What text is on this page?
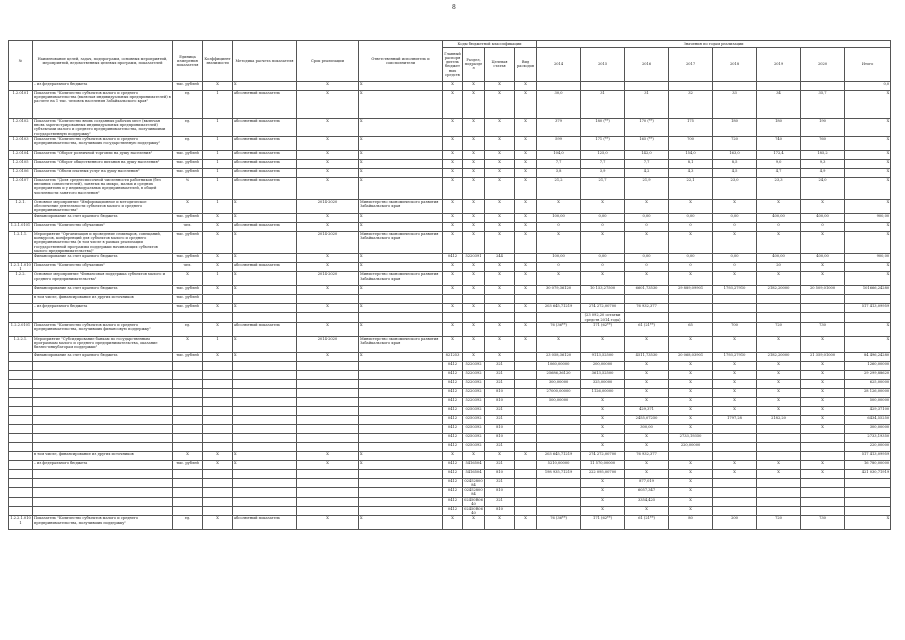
8
№	Наименование целей, задач, подпрограмм, основных мероприятий, мероприятий, ведомственных целевых программ, показателей	Единица измерения показателя	Коэффициент значимости	Методика расчета показателя	Срок реализации	Ответственный исполнитель и соисполнители	Коды бюджетной классификации				Значения по годам реализации							
							Главный распорядитель бюджетных средств	Раздел, подраздел	Целевая статья	Вид расходов	2014	2015	2016	2017	2018	2019	2020	Итого
	– из федерального бюджета	тыс. рублей	X	X	X	X	X	X	X	X								0,0
1.2.0101	Показатель "Количество субъектов малого и среднего предпринимательства (включая индивидуальных предпринимателей) в расчете на 1 тыс. человек населения Забайкальского края"	ед.	1	абсолютный показатель	X	X	X	X	X	X	30,0	31	31	32	33	34	35,7	X
1.2.0102	Показатель "Количество вновь созданных рабочих мест (включая вновь зарегистрированных индивидуальных предпринимателей) субъектами малого и среднего предпринимательства, получившими государственную поддержку"	ед.	1	абсолютный показатель	X	X	X	X	X	X	379	180 (**)	170 (**)	175	180	180	190	X
1.2.0103	Показатель "Количество субъектов малого и среднего предпринимательства, получивших государственную поддержку"	ед.	1	абсолютный показатель	X	X	X	X	X	X	599	171 (**)	165 (**)	700	720	740	760	X
1.2.0104	Показатель "Оборот розничной торговли на душу населения"	тыс. рублей	1	абсолютный показатель	X	X	X	X	X	X	104,0	125,0	142,0	154,0	163,0	172,4	185,2	X
1.2.0105	Показатель "Оборот общественного питания на душу населения"	тыс. рублей	1	абсолютный показатель	X	X	X	X	X	X	7,7	7,7	7,7	8,1	8,5	9,0	9,3	X
1.2.0106	Показатель "Объем платных услуг на душу населения"	тыс. рублей	1	абсолютный показатель	X	X	X	X	X	X	3,8	3,9	4,2	4,3	4,5	4,7	4,9	X
1.2.0107	Показатель "Доля среднесписочной численности работников (без внешних совместителей), занятых на микро, малых и средних предприятиях и у индивидуальных предпринимателей, в общей численности занятого населения"	%	1	абсолютный показатель	X	X	X	X	X	X	21,2	21,7	21,9	22,1	23,0	23,3	24,0	X
1.2.1.	Основное мероприятие "Информационное и методическое обеспечение деятельности субъектов малого и среднего предпринимательства"	X	1	X	2014-2020	Министерство экономического развития Забайкальского края	X	X	X	X	X	X	X	X	X	X	X	X
	Финансирование за счет краевого бюджета	тыс. рублей	X	X	X	X	X	X	X	X	100,00	0,00	0,00	0,00	0,00	400,00	400,00	900,00
1.2.1.0101	Показатель "Количество обучаемых"	чел.	X	абсолютный показатель	X	X	X	X	X	X	0	0	0	0	0	0	0	X
1.2.1.1.	Мероприятие "Организация и проведение семинаров, совещаний, конкурсов, конференций для субъектов малого и среднего предпринимательства (в том числе в рамках реализации государственной программы поддержки начинающих субъектов малого предпринимательства)"	тыс. рублей	X	X	2014-2020	Министерство экономического развития Забайкальского края	X	X	X	X	X	X	X	X	X	X	X	X
	Финансирование за счет краевого бюджета	тыс. рублей	X	X	X	X	0412	5220391	244		100,00	0,00	0,00	0,00	0,00	400,00	400,00	900,00
1.2.1.1.0101	Показатель "Количество обучаемых"	чел.	X	абсолютный показатель	X	X	X	X	X	X	0	0	0	0	0	20	X	X
1.2.2.	Основное мероприятие "Финансовая поддержка субъектов малого и среднего предпринимательства"	X	1	X	2014-2020	Министерство экономического развития Забайкальского края	X	X	X	X	X	X	X	X	X	X	X	X
	Финансирование за счет краевого бюджета	тыс. рублей	X	X	X	X	X	X	X	X	30 079,36120	10 153,27500	6601,73530	29 889,09901	1793,27910	2182,20000	20 509,01000	101666,24280
	в том числе, финансирование из других источников	тыс. рублей																
	– из федерального бюджета	тыс. рублей	X	X	X	X	X	X	X	X	203 645,71219	274 272,00700	76 932,377					517 413,09959
												(23 092,20 остатки средств 2014 года)						
1.2.2.0101	Показатель "Количество субъектов малого и среднего предпринимательства, получивших финансовую поддержку"	ед.	X	абсолютный показатель	X	X	X	X	X	X	76 (36**)	171 (62**)	61 (21**)	65	700	720	730	X
1.2.2.1.	Мероприятие "Субсидирование банкам по государственным программам малого и среднего предпринимательства, оказание бизнес-инкубаторам поддержки"	X	1	X	2014-2020	Министерство экономического развития Забайкальского края	X	X	X	X	X	X	X	X	X	X	X	X
	Финансирование за счет краевого бюджета	тыс. рублей	X	X	X	X	821253	X	X		23 058,36120	9113,52500	4511,73530	20 068,03901	1793,27910	2182,20000	21 359,01000	84 496,24280
							0412	5220392	321		1060,00000	200,00000	X	X	X	X	X	1260,00000
							0412	5220392	321		25686,36120	3613,52500	X	X	X	X	X	29 299,88620
							0412	5220392	321		300,00000	325,00000	X	X	X	X	X	625,00000
							0412	5220392	810		27000,00000	1126,00000	X	X	X	X	X	28 126,00000
							0412	5220392	810		500,00000	X	X	X	X	X	X	500,00000
							0412	0250392	321			X	429,371	X	X	X	X	429,37100
							0412	0250392	321			X	2455,07250	X	1797,28	2182,20	X	6434,55250
							0412	0250392	810			X	300,00	X			X	300,00000
							0412	0250392	810			X	X	2733,19350				2733,19350
							0412	0250392	321			X	X	220,00000				220,00000
	в том числе, финансирование из других источников	X	X	X	X	X	X	X	X	X	203 645,71219	274 272,00700	76 932,377					517 413,09959
	– из федерального бюджета	тыс. рублей	X	X	X	X	0412	5416504	321		5210,00000	11 570,00000	X	X	X	X	X	16 780,00000
							0412	5416504	810		198 935,71219	222 095,00700	X	X	X	X	X	421 030,71919
							0412	0245280084	321			X	877,019	X				
							0412	0245280084	810			X	6057,347	X				
							0412	02450R0640	321			X	3354,425	X				
							0412	02450R0640	810			X	X	X				
1.2.2.1.0101	Показатель "Количество субъектов малого и среднего предпринимательства, получивших поддержку"	ед.	X	абсолютный показатель	X	X	X	X	X	X	76 (36**)	171 (62**)	61 (21**)	80	200	720	730	X
